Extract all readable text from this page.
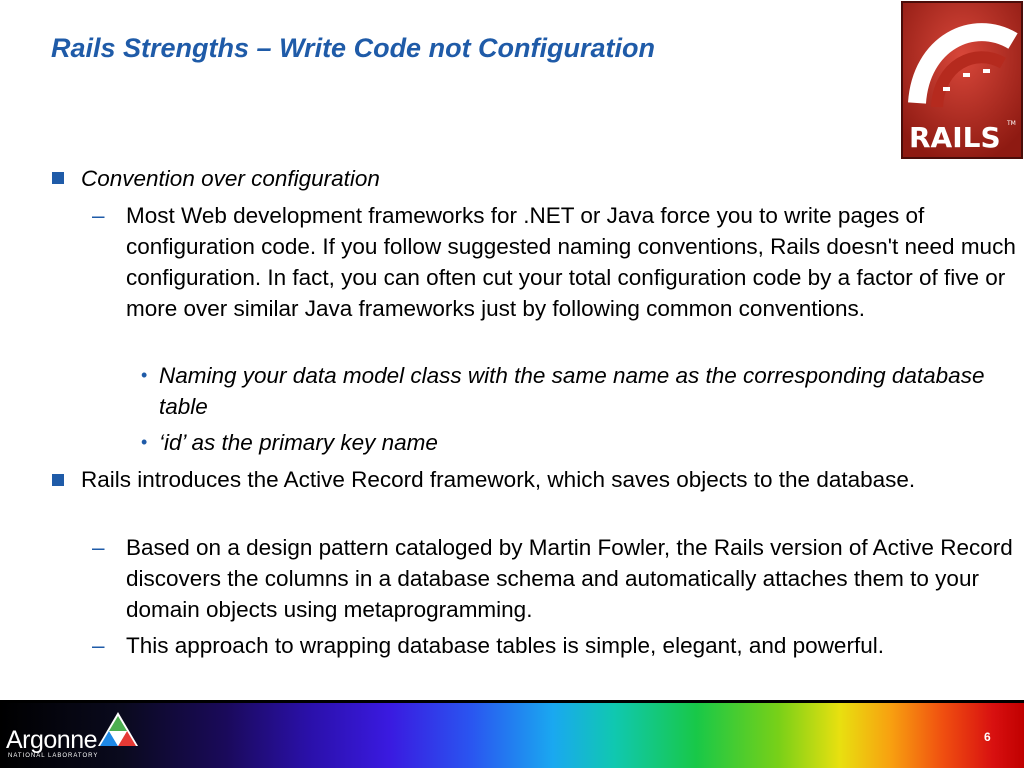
Rails Strengths – Write Code not Configuration
RAILS TM
Convention over configuration
– Most Web development frameworks for .NET or Java force you to write pages of configuration code. If you follow suggested naming conventions, Rails doesn't need much configuration. In fact, you can often cut your total configuration code by a factor of five or more over similar Java frameworks just by following common conventions.
• Naming your data model class with the same name as the corresponding database table
• ‘id’ as the primary key name
Rails introduces the Active Record framework, which saves objects to the database.
– Based on a design pattern cataloged by Martin Fowler, the Rails version of Active Record discovers the columns in a database schema and automatically attaches them to your domain objects using metaprogramming.
– This approach to wrapping database tables is simple, elegant, and powerful.
Argonne
NATIONAL LABORATORY
6
